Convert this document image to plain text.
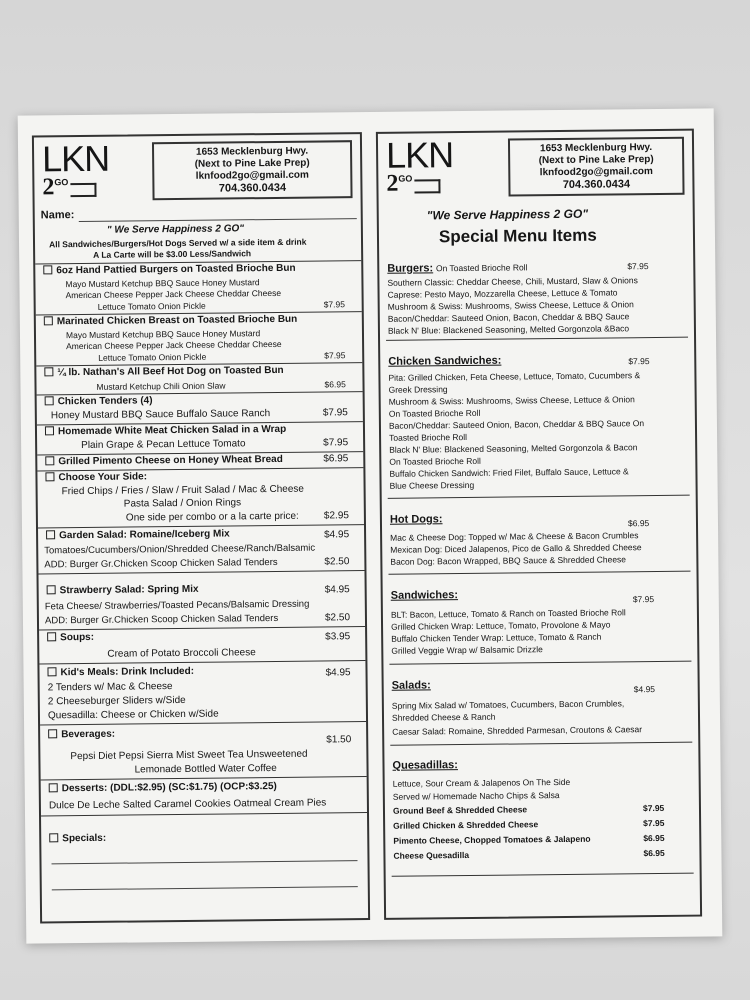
LKN
$2^{GO}$
1653 Mecklenburg Hwy.
(Next to Pine Lake Prep)
lknfood2go@gmail.com
704.360.0434
Name:
" We Serve Happiness 2 GO"
All Sandwiches/Burgers/Hot Dogs Served w/ a side item & drink
A La Carte will be $3.00 Less/Sandwich
6oz Hand Pattied Burgers on Toasted Brioche Bun
Mayo Mustard Ketchup BBQ Sauce Honey Mustard
American Cheese Pepper Jack Cheese Cheddar Cheese
Lettuce Tomato Onion Pickle	$7.95
Marinated Chicken Breast on Toasted Brioche Bun
Mayo Mustard Ketchup BBQ Sauce Honey Mustard
American Cheese Pepper Jack Cheese Cheddar Cheese
Lettuce Tomato Onion Pickle	$7.95
¼ lb. Nathan's All Beef Hot Dog on Toasted Bun
Mustard Ketchup Chili Onion Slaw	$6.95
Chicken Tenders (4)
Honey Mustard BBQ Sauce Buffalo Sauce Ranch	$7.95
Homemade White Meat Chicken Salad in a Wrap
Plain Grape & Pecan Lettuce Tomato	$7.95
Grilled Pimento Cheese on Honey Wheat Bread	$6.95
Choose Your Side:
Fried Chips / Fries / Slaw / Fruit Salad / Mac & Cheese
Pasta Salad / Onion Rings
One side per combo or a la carte price:	$2.95
Garden Salad: Romaine/Iceberg Mix	$4.95
Tomatoes/Cucumbers/Onion/Shredded Cheese/Ranch/Balsamic
ADD: Burger Gr.Chicken Scoop Chicken Salad Tenders	$2.50
Strawberry Salad: Spring Mix	$4.95
Feta Cheese/ Strawberries/Toasted Pecans/Balsamic Dressing
ADD: Burger Gr.Chicken Scoop Chicken Salad Tenders	$2.50
Soups:	$3.95
Cream of Potato Broccoli Cheese
Kid's Meals: Drink Included:	$4.95
2 Tenders w/ Mac & Cheese
2 Cheeseburger Sliders w/Side
Quesadilla: Cheese or Chicken w/Side
Beverages:	$1.50
Pepsi Diet Pepsi Sierra Mist Sweet Tea Unsweetened
Lemonade Bottled Water Coffee
Desserts: (DDL:$2.95) (SC:$1.75) (OCP:$3.25)
Dulce De Leche Salted Caramel Cookies Oatmeal Cream Pies
Specials:
LKN
$2^{GO}$
1653 Mecklenburg Hwy.
(Next to Pine Lake Prep)
lknfood2go@gmail.com
704.360.0434
"We Serve Happiness 2 GO"
Special Menu Items
Burgers: On Toasted Brioche Roll	$7.95
Southern Classic: Cheddar Cheese, Chili, Mustard, Slaw & Onions
Caprese: Pesto Mayo, Mozzarella Cheese, Lettuce & Tomato
Mushroom & Swiss: Mushrooms, Swiss Cheese, Lettuce & Onion
Bacon/Cheddar: Sauteed Onion, Bacon, Cheddar & BBQ Sauce
Black N' Blue: Blackened Seasoning, Melted Gorgonzola &Baco
Chicken Sandwiches:	$7.95
Pita: Grilled Chicken, Feta Cheese, Lettuce, Tomato, Cucumbers &
Greek Dressing
Mushroom & Swiss: Mushrooms, Swiss Cheese, Lettuce & Onion
On Toasted Brioche Roll
Bacon/Cheddar: Sauteed Onion, Bacon, Cheddar & BBQ Sauce On
Toasted Brioche Roll
Black N' Blue: Blackened Seasoning, Melted Gorgonzola & Bacon
On Toasted Brioche Roll
Buffalo Chicken Sandwich: Fried Filet, Buffalo Sauce, Lettuce &
Blue Cheese Dressing
Hot Dogs:	$6.95
Mac & Cheese Dog: Topped w/ Mac & Cheese & Bacon Crumbles
Mexican Dog: Diced Jalapenos, Pico de Gallo & Shredded Cheese
Bacon Dog: Bacon Wrapped, BBQ Sauce & Shredded Cheese
Sandwiches:	$7.95
BLT: Bacon, Lettuce, Tomato & Ranch on Toasted Brioche Roll
Grilled Chicken Wrap: Lettuce, Tomato, Provolone & Mayo
Buffalo Chicken Tender Wrap: Lettuce, Tomato & Ranch
Grilled Veggie Wrap w/ Balsamic Drizzle
Salads:	$4.95
Spring Mix Salad w/ Tomatoes, Cucumbers, Bacon Crumbles,
Shredded Cheese & Ranch
Caesar Salad: Romaine, Shredded Parmesan, Croutons & Caesar
Quesadillas:
Lettuce, Sour Cream & Jalapenos On The Side
Served w/ Homemade Nacho Chips & Salsa
Ground Beef & Shredded Cheese	$7.95
Grilled Chicken & Shredded Cheese	$7.95
Pimento Cheese, Chopped Tomatoes & Jalapeno	$6.95
Cheese Quesadilla	$6.95
